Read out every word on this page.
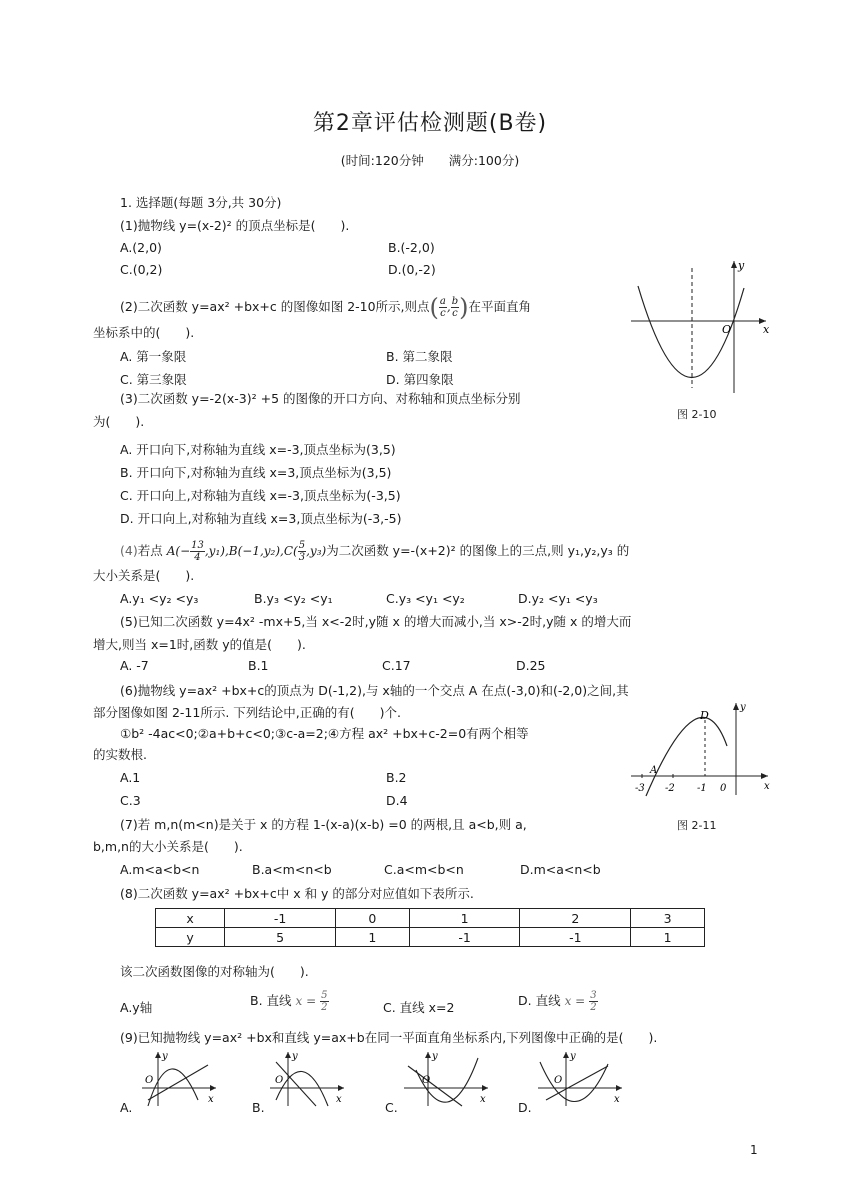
第2章评估检测题(B卷)
(时间:120分钟　　满分:100分)
1. 选择题(每题 3分,共 30分)
(1)抛物线 y=(x-2)² 的顶点坐标是(　　).
A.(2,0)	B.(-2,0)
C.(0,2)	D.(0,-2)
(2)二次函数 y=ax² +bx+c 的图像如图 2-10所示,则点( $\frac{a}{c}$ , $\frac{b}{c}$ )在平面直角
坐标系中的(　　).
A. 第一象限	B. 第二象限
C. 第三象限	D. 第四象限
x
y
O
图 2-10
(3)二次函数 y=-2(x-3)² +5 的图像的开口方向、对称轴和顶点坐标分别
为(　　).
A. 开口向下,对称轴为直线 x=-3,顶点坐标为(3,5)
B. 开口向下,对称轴为直线 x=3,顶点坐标为(3,5)
C. 开口向上,对称轴为直线 x=-3,顶点坐标为(-3,5)
D. 开口向上,对称轴为直线 x=3,顶点坐标为(-3,-5)
(4)若点 $A(- \frac{13}{4} ,y_1),B(-1,y_2),C( \frac{5}{3} ,y_3)$为二次函数 y=-(x+2)² 的图像上的三点,则 y₁,y₂,y₃ 的
大小关系是(　　).
A.y₁ <y₂ <y₃	B.y₃ <y₂ <y₁	C.y₃ <y₁ <y₂	D.y₂ <y₁ <y₃
(5)已知二次函数 y=4x² -mx+5,当 x<-2时,y随 x 的增大而减小,当 x>-2时,y随 x 的增大而
增大,则当 x=1时,函数 y的值是(　　).
A. -7	B.1	C.17	D.25
(6)抛物线 y=ax² +bx+c的顶点为 D(-1,2),与 x轴的一个交点 A 在点(-3,0)和(-2,0)之间,其
部分图像如图 2-11所示. 下列结论中,正确的有(　　)个.
①b² -4ac<0;②a+b+c<0;③c-a=2;④方程 ax² +bx+c-2=0有两个相等
的实数根.
A.1	B.2
C.3	D.4
D
A
-3 -2 -1 0	x
y
图 2-11
(7)若 m,n(m<n)是关于 x 的方程 1-(x-a)(x-b) =0 的两根,且 a<b,则 a,
b,m,n的大小关系是(　　).
A.m<a<b<n	B.a<m<n<b	C.a<m<b<n	D.m<a<n<b
(8)二次函数 y=ax² +bx+c中 x 和 y 的部分对应值如下表所示.
x	-1	0	1	2	3
y	5	1	-1	-1	1
该二次函数图像的对称轴为(　　).
A.y轴	B. 直线 $x = \frac{5}{2}$	C. 直线 x=2	D. 直线 $x = \frac{3}{2}$
(9)已知抛物线 y=ax² +bx和直线 y=ax+b在同一平面直角坐标系内,下列图像中正确的是(　　).
O
y
x
A.
O
y
x
B.
O
y
x
C.
O
y
x
D.
1
